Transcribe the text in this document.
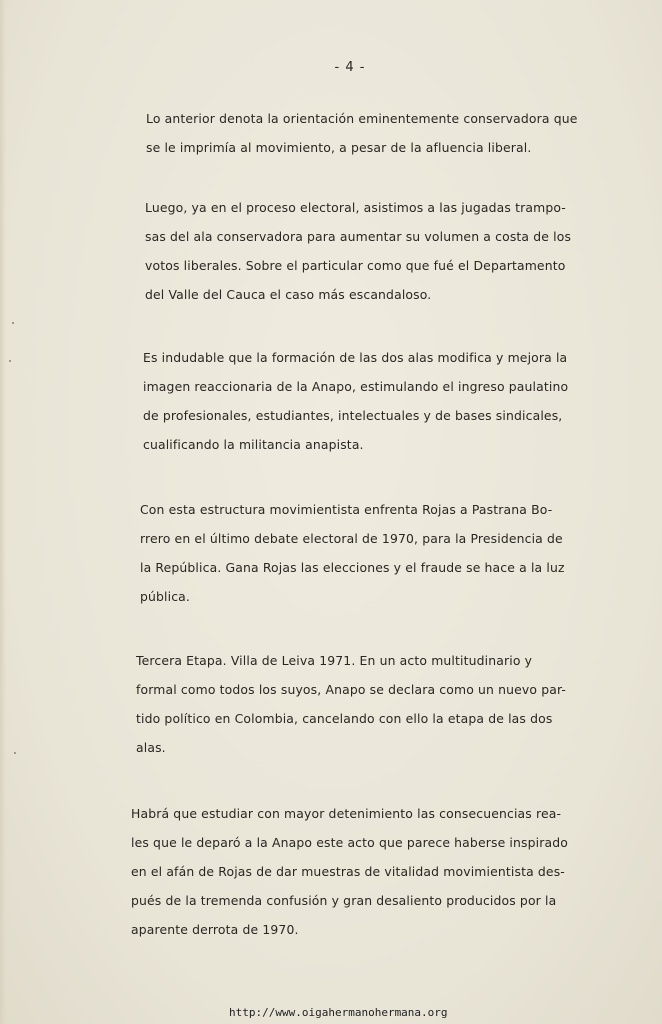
- 4 -
Lo anterior denota la orientación eminentemente conservadora que
se le imprimía al movimiento, a pesar de la afluencia liberal.
Luego, ya en el proceso electoral, asistimos a las jugadas trampo-
sas del ala conservadora para aumentar su volumen a costa de los
votos liberales. Sobre el particular como que fué el Departamento
del Valle del Cauca el caso más escandaloso.
Es indudable que la formación de las dos alas modifica y mejora la
imagen reaccionaria de la Anapo, estimulando el ingreso paulatino
de profesionales, estudiantes, intelectuales y de bases sindicales,
cualificando la militancia anapista.
Con esta estructura movimientista enfrenta Rojas a Pastrana Bo-
rrero en el último debate electoral de 1970, para la Presidencia de
la República. Gana Rojas las elecciones y el fraude se hace a la luz
pública.
Tercera Etapa. Villa de Leiva 1971. En un acto multitudinario y
formal como todos los suyos, Anapo se declara como un nuevo par-
tido político en Colombia, cancelando con ello la etapa de las dos
alas.
Habrá que estudiar con mayor detenimiento las consecuencias rea-
les que le deparó a la Anapo este acto que parece haberse inspirado
en el afán de Rojas de dar muestras de vitalidad movimientista des-
pués de la tremenda confusión y gran desaliento producidos por la
aparente derrota de 1970.
http://www.oigahermanohermana.org
